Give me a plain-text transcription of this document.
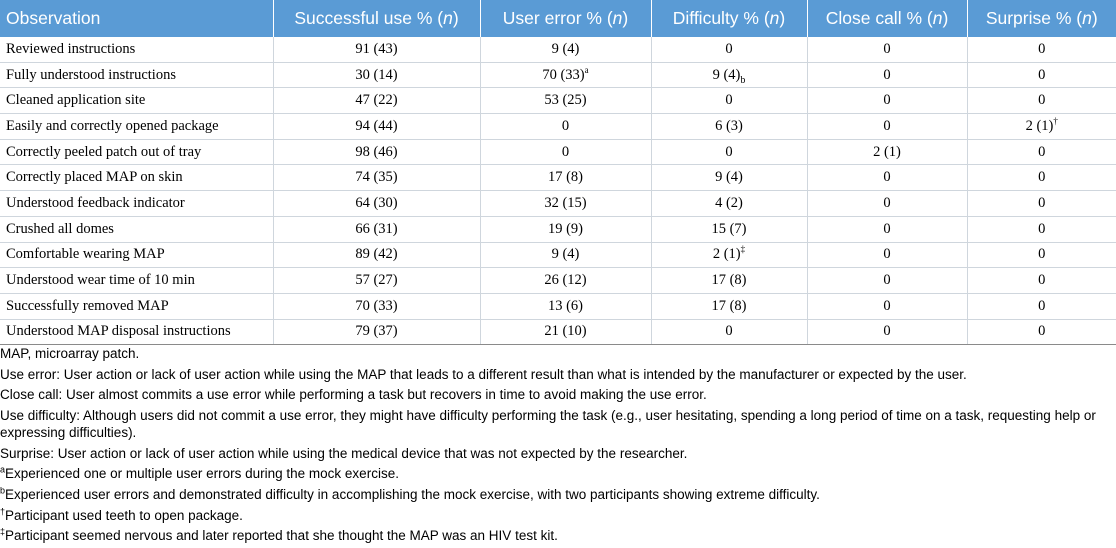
Observation	Successful use % (n)	User error % (n)	Difficulty % (n)	Close call % (n)	Surprise % (n)
Reviewed instructions	91 (43)	9 (4)	0	0	0
Fully understood instructions	30 (14)	70 $(33)^a$	9 $(4)_b$	0	0
Cleaned application site	47 (22)	53 (25)	0	0	0
Easily and correctly opened package	94 (44)	0	6 (3)	0	2 (1)†
Correctly peeled patch out of tray	98 (46)	0	0	2 (1)	0
Correctly placed MAP on skin	74 (35)	17 (8)	9 (4)	0	0
Understood feedback indicator	64 (30)	32 (15)	4 (2)	0	0
Crushed all domes	66 (31)	19 (9)	15 (7)	0	0
Comfortable wearing MAP	89 (42)	9 (4)	2 (1)‡	0	0
Understood wear time of 10 min	57 (27)	26 (12)	17 (8)	0	0
Successfully removed MAP	70 (33)	13 (6)	17 (8)	0	0
Understood MAP disposal instructions	79 (37)	21 (10)	0	0	0

MAP, microarray patch.

Use error: User action or lack of user action while using the MAP that leads to a different result than what is intended by the manufacturer or expected by the user.

Close call: User almost commits a use error while performing a task but recovers in time to avoid making the use error.

Use difficulty: Although users did not commit a use error, they might have difficulty performing the task (e.g., user hesitating, spending a long period of time on a task, requesting help or expressing difficulties).

Surprise: User action or lack of user action while using the medical device that was not expected by the researcher.

$^a$Experienced one or multiple user errors during the mock exercise.

$^b$Experienced user errors and demonstrated difficulty in accomplishing the mock exercise, with two participants showing extreme difficulty.

†Participant used teeth to open package.

‡Participant seemed nervous and later reported that she thought the MAP was an HIV test kit.
